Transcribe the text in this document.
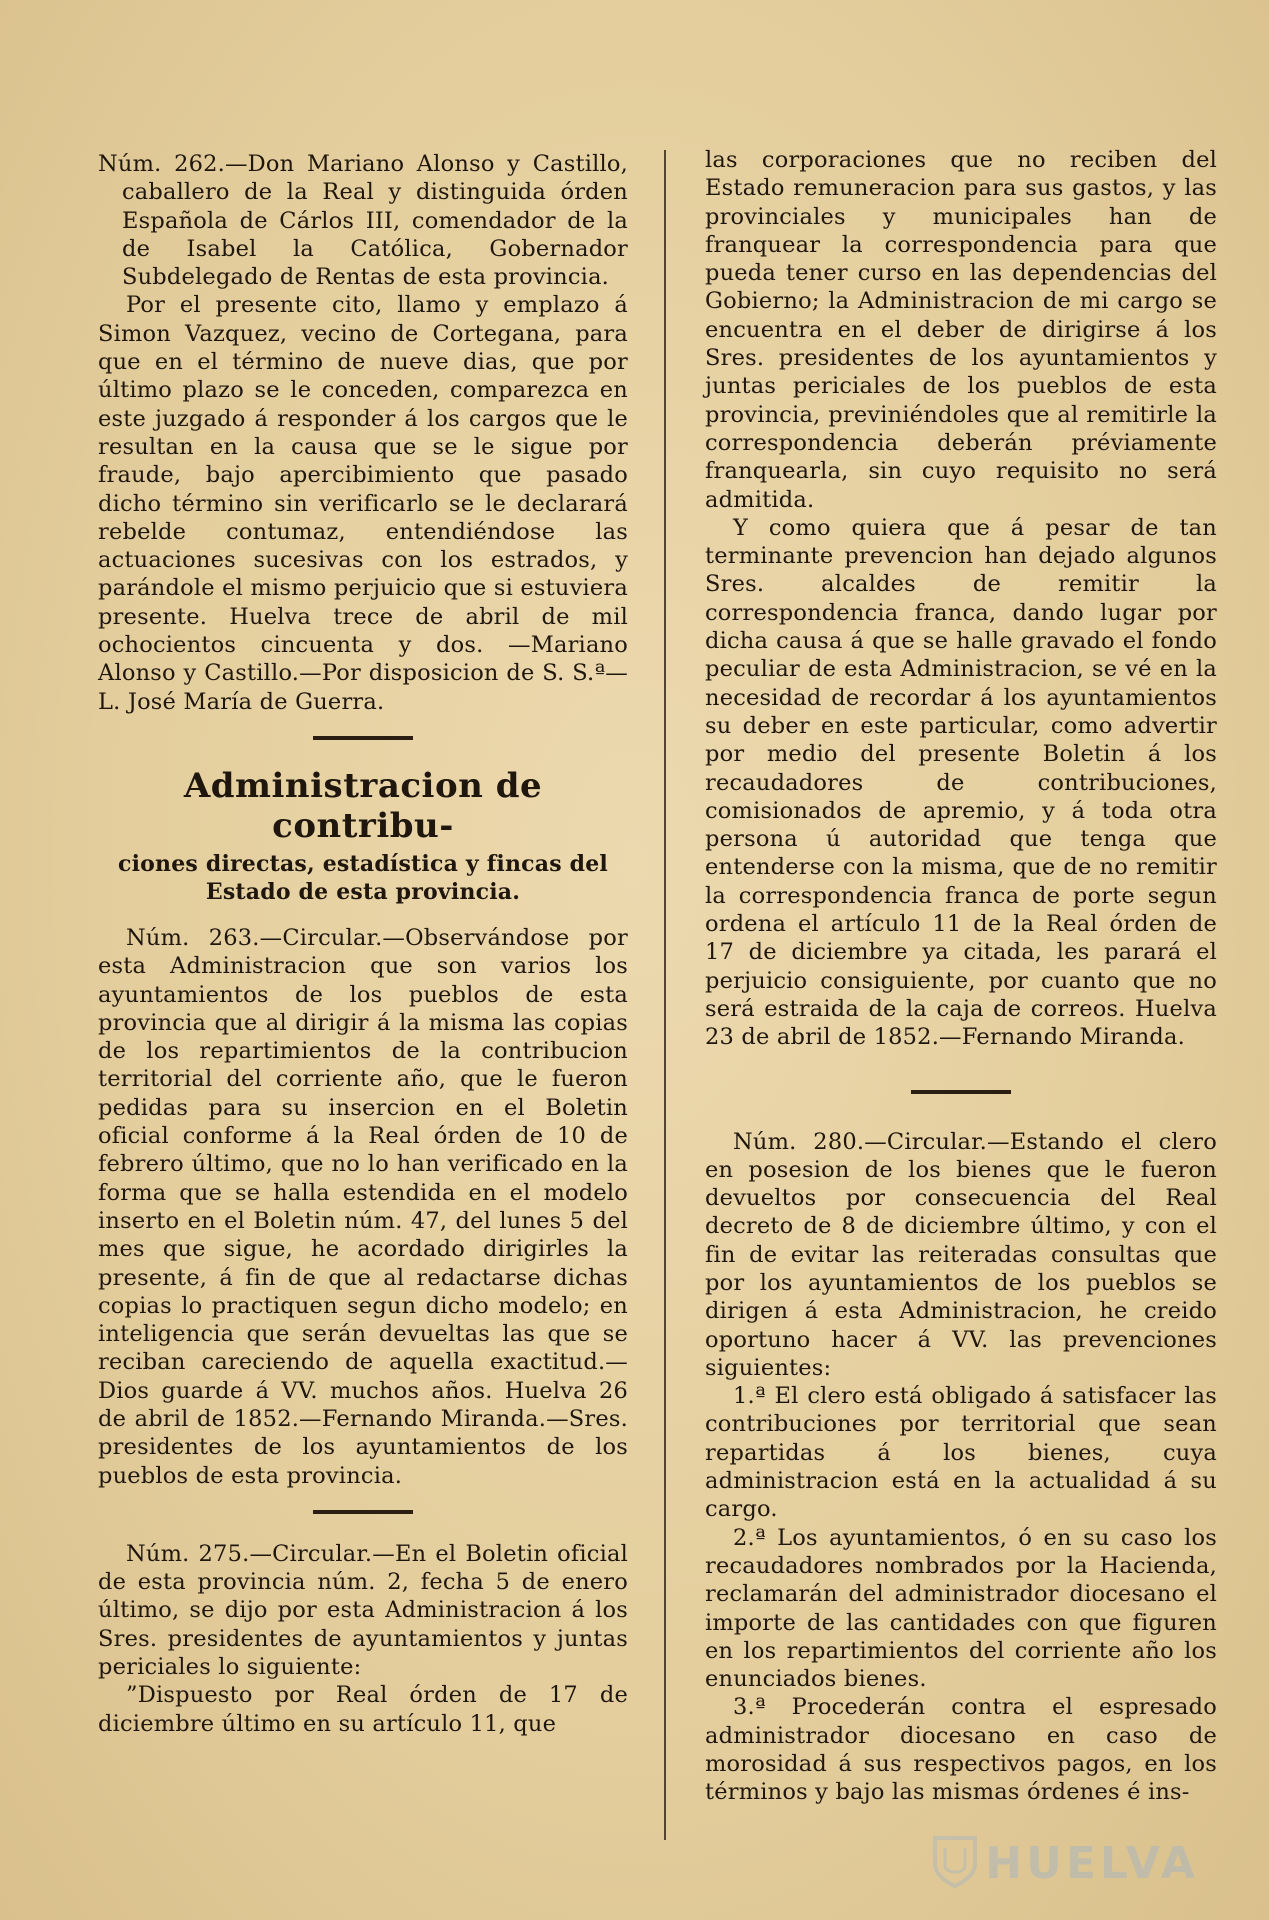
Núm. 262.—Don Mariano Alonso y Castillo, caballero de la Real y distinguida órden Española de Cárlos III, comendador de la de Isabel la Católica, Gobernador Subdelegado de Rentas de esta provincia.

Por el presente cito, llamo y emplazo á Simon Vazquez, vecino de Cortegana, para que en el término de nueve dias, que por último plazo se le conceden, comparezca en este juzgado á responder á los cargos que le resultan en la causa que se le sigue por fraude, bajo apercibimiento que pasado dicho término sin verificarlo se le declarará rebelde contumaz, entendiéndose las actuaciones sucesivas con los estrados, y parándole el mismo perjuicio que si estuviera presente. Huelva trece de abril de mil ochocientos cincuenta y dos. —Mariano Alonso y Castillo.—Por disposicion de S. S.ª—L. José María de Guerra.

Administracion de contribu-
ciones directas, estadística y fincas del Estado de esta provincia.

Núm. 263.—Circular.—Observándose por esta Administracion que son varios los ayuntamientos de los pueblos de esta provincia que al dirigir á la misma las copias de los repartimientos de la contribucion territorial del corriente año, que le fueron pedidas para su insercion en el Boletin oficial conforme á la Real órden de 10 de febrero último, que no lo han verificado en la forma que se halla estendida en el modelo inserto en el Boletin núm. 47, del lunes 5 del mes que sigue, he acordado dirigirles la presente, á fin de que al redactarse dichas copias lo practiquen segun dicho modelo; en inteligencia que serán devueltas las que se reciban careciendo de aquella exactitud.—Dios guarde á VV. muchos años. Huelva 26 de abril de 1852.—Fernando Miranda.—Sres. presidentes de los ayuntamientos de los pueblos de esta provincia.

Núm. 275.—Circular.—En el Boletin oficial de esta provincia núm. 2, fecha 5 de enero último, se dijo por esta Administracion á los Sres. presidentes de ayuntamientos y juntas periciales lo siguiente:

”Dispuesto por Real órden de 17 de diciembre último en su artículo 11, que

las corporaciones que no reciben del Estado remuneracion para sus gastos, y las provinciales y municipales han de franquear la correspondencia para que pueda tener curso en las dependencias del Gobierno; la Administracion de mi cargo se encuentra en el deber de dirigirse á los Sres. presidentes de los ayuntamientos y juntas periciales de los pueblos de esta provincia, previniéndoles que al remitirle la correspondencia deberán préviamente franquearla, sin cuyo requisito no será admitida.

Y como quiera que á pesar de tan terminante prevencion han dejado algunos Sres. alcaldes de remitir la correspondencia franca, dando lugar por dicha causa á que se halle gravado el fondo peculiar de esta Administracion, se vé en la necesidad de recordar á los ayuntamientos su deber en este particular, como advertir por medio del presente Boletin á los recaudadores de contribuciones, comisionados de apremio, y á toda otra persona ú autoridad que tenga que entenderse con la misma, que de no remitir la correspondencia franca de porte segun ordena el artículo 11 de la Real órden de 17 de diciembre ya citada, les parará el perjuicio consiguiente, por cuanto que no será estraida de la caja de correos. Huelva 23 de abril de 1852.—Fernando Miranda.

Núm. 280.—Circular.—Estando el clero en posesion de los bienes que le fueron devueltos por consecuencia del Real decreto de 8 de diciembre último, y con el fin de evitar las reiteradas consultas que por los ayuntamientos de los pueblos se dirigen á esta Administracion, he creido oportuno hacer á VV. las prevenciones siguientes:

1.ª El clero está obligado á satisfacer las contribuciones por territorial que sean repartidas á los bienes, cuya administracion está en la actualidad á su cargo.

2.ª Los ayuntamientos, ó en su caso los recaudadores nombrados por la Hacienda, reclamarán del administrador diocesano el importe de las cantidades con que figuren en los repartimientos del corriente año los enunciados bienes.

3.ª Procederán contra el espresado administrador diocesano en caso de morosidad á sus respectivos pagos, en los términos y bajo las mismas órdenes é ins-

HUELVA
